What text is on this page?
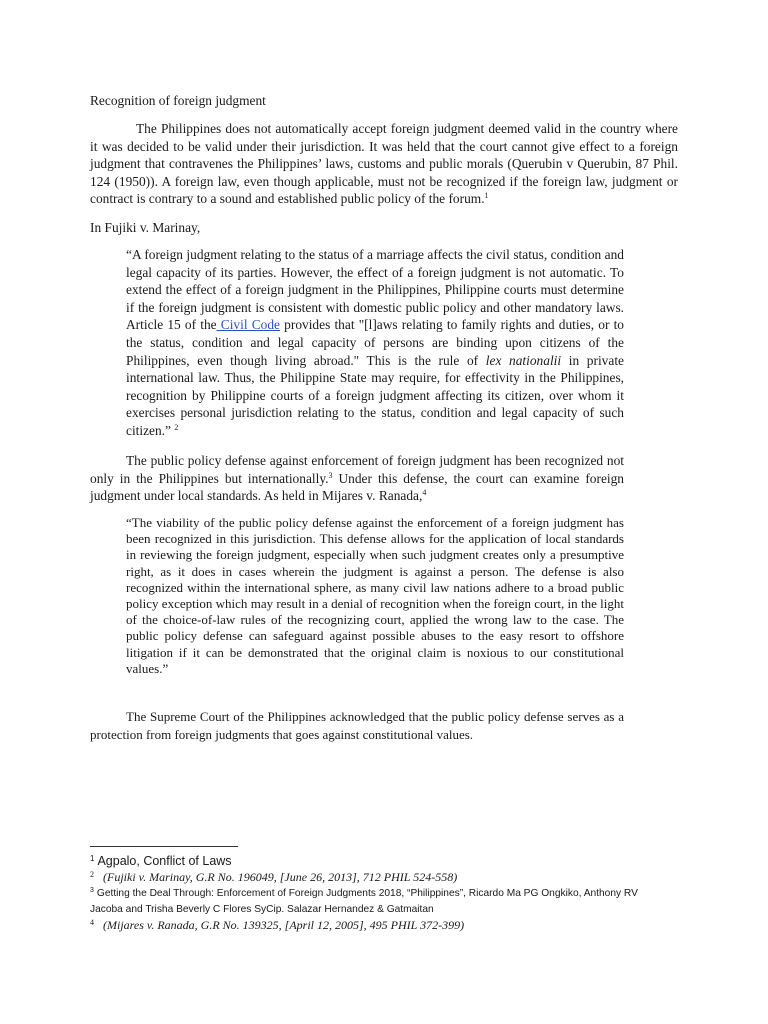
Recognition of foreign judgment

The Philippines does not automatically accept foreign judgment deemed valid in the country where it was decided to be valid under their jurisdiction. It was held that the court cannot give effect to a foreign judgment that contravenes the Philippines’ laws, customs and public morals (Querubin v Querubin, 87 Phil. 124 (1950)). A foreign law, even though applicable, must not be recognized if the foreign law, judgment or contract is contrary to a sound and established public policy of the forum.$^1$

In Fujiki v. Marinay,

“A foreign judgment relating to the status of a marriage affects the civil status, condition and legal capacity of its parties. However, the effect of a foreign judgment is not automatic. To extend the effect of a foreign judgment in the Philippines, Philippine courts must determine if the foreign judgment is consistent with domestic public policy and other mandatory laws. Article 15 of the Civil Code provides that "[l]aws relating to family rights and duties, or to the status, condition and legal capacity of persons are binding upon citizens of the Philippines, even though living abroad." This is the rule of lex nationalii in private international law. Thus, the Philippine State may require, for effectivity in the Philippines, recognition by Philippine courts of a foreign judgment affecting its citizen, over whom it exercises personal jurisdiction relating to the status, condition and legal capacity of such citizen.” $^2$

The public policy defense against enforcement of foreign judgment has been recognized not only in the Philippines but internationally.$^3$ Under this defense, the court can examine foreign judgment under local standards. As held in Mijares v. Ranada,$^4$

“The viability of the public policy defense against the enforcement of a foreign judgment has been recognized in this jurisdiction. This defense allows for the application of local standards in reviewing the foreign judgment, especially when such judgment creates only a presumptive right, as it does in cases wherein the judgment is against a person. The defense is also recognized within the international sphere, as many civil law nations adhere to a broad public policy exception which may result in a denial of recognition when the foreign court, in the light of the choice-of-law rules of the recognizing court, applied the wrong law to the case. The public policy defense can safeguard against possible abuses to the easy resort to offshore litigation if it can be demonstrated that the original claim is noxious to our constitutional values.”

The Supreme Court of the Philippines acknowledged that the public policy defense serves as a protection from foreign judgments that goes against constitutional values.

$^1$ Agpalo, Conflict of Laws

$^2$ (Fujiki v. Marinay, G.R No. 196049, [June 26, 2013], 712 PHIL 524-558)

$^3$ Getting the Deal Through: Enforcement of Foreign Judgments 2018, “Philippines”, Ricardo Ma PG Ongkiko, Anthony RV Jacoba and Trisha Beverly C Flores SyCip. Salazar Hernandez & Gatmaitan

$^4$ (Mijares v. Ranada, G.R No. 139325, [April 12, 2005], 495 PHIL 372-399)
